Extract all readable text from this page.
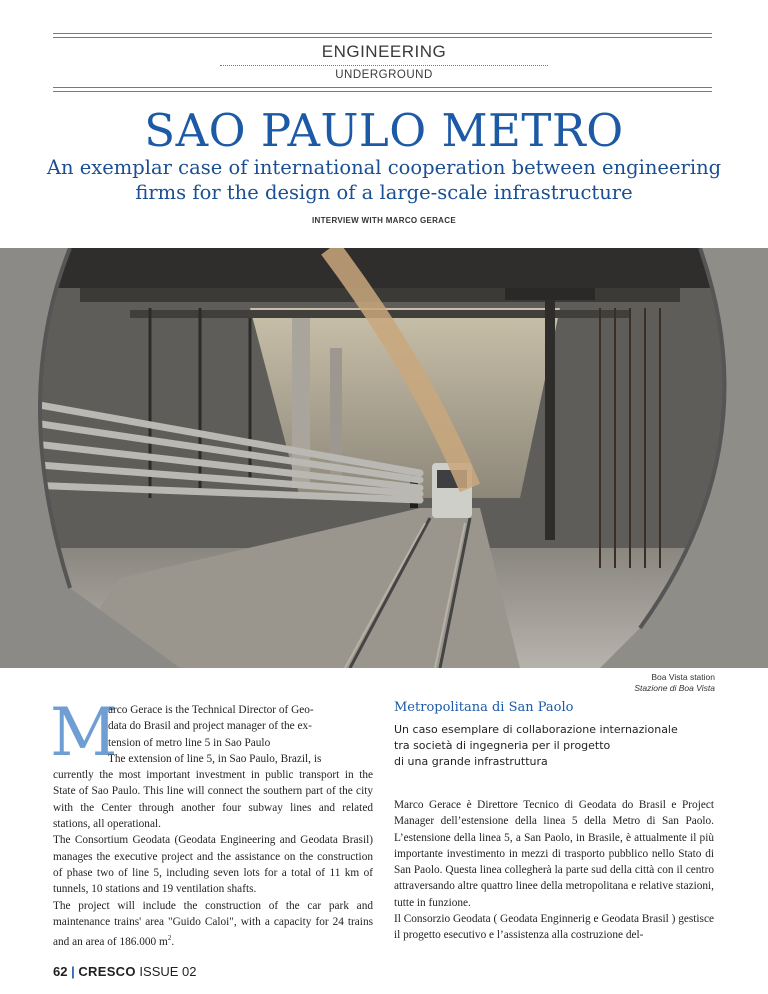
ENGINEERING
UNDERGROUND
SAO PAULO METRO
An exemplar case of international cooperation between engineering
firms for the design of a large-scale infrastructure
INTERVIEW WITH MARCO GERACE
Boa Vista station
Stazione di Boa Vista
M

arco Gerace is the Technical Director of Geo-

data do Brasil and project manager of the ex-

tension of metro line 5 in Sao Paulo

The extension of line 5, in Sao Paulo, Brazil, is

currently the most important investment in public transport in the State of Sao Paulo. This line will connect the southern part of the city with the Center through another four subway lines and related stations, all operational.

The Consortium Geodata (Geodata Engineering and Geodata Brasil) manages the executive project and the assistance on the construction of phase two of line 5, including seven lots for a total of 11 km of tunnels, 10 stations and 19 ventilation shafts.

The project will include the construction of the car park and maintenance trains' area "Guido Caloi", with a capacity for 24 trains and an area of 186.000 $m^2$.

Metropolitana di San Paolo
Un caso esemplare di collaborazione internazionale
tra società di ingegneria per il progetto
di una grande infrastruttura

Marco Gerace è Direttore Tecnico di Geodata do Brasil e Project Manager dell’estensione della linea 5 della Metro di San Paolo. L’estensione della linea 5, a San Paolo, in Brasile, è attualmente il più importante investimento in mezzi di trasporto pubblico nello Stato di San Paolo. Questa linea collegherà la parte sud della città con il centro attraversando altre quattro linee della metropolitana e relative stazioni, tutte in funzione.

Il Consorzio Geodata ( Geodata Enginnerig e Geodata Brasil ) gestisce il progetto esecutivo e l’assistenza alla costruzione del-

62 | CRESCO ISSUE 02
